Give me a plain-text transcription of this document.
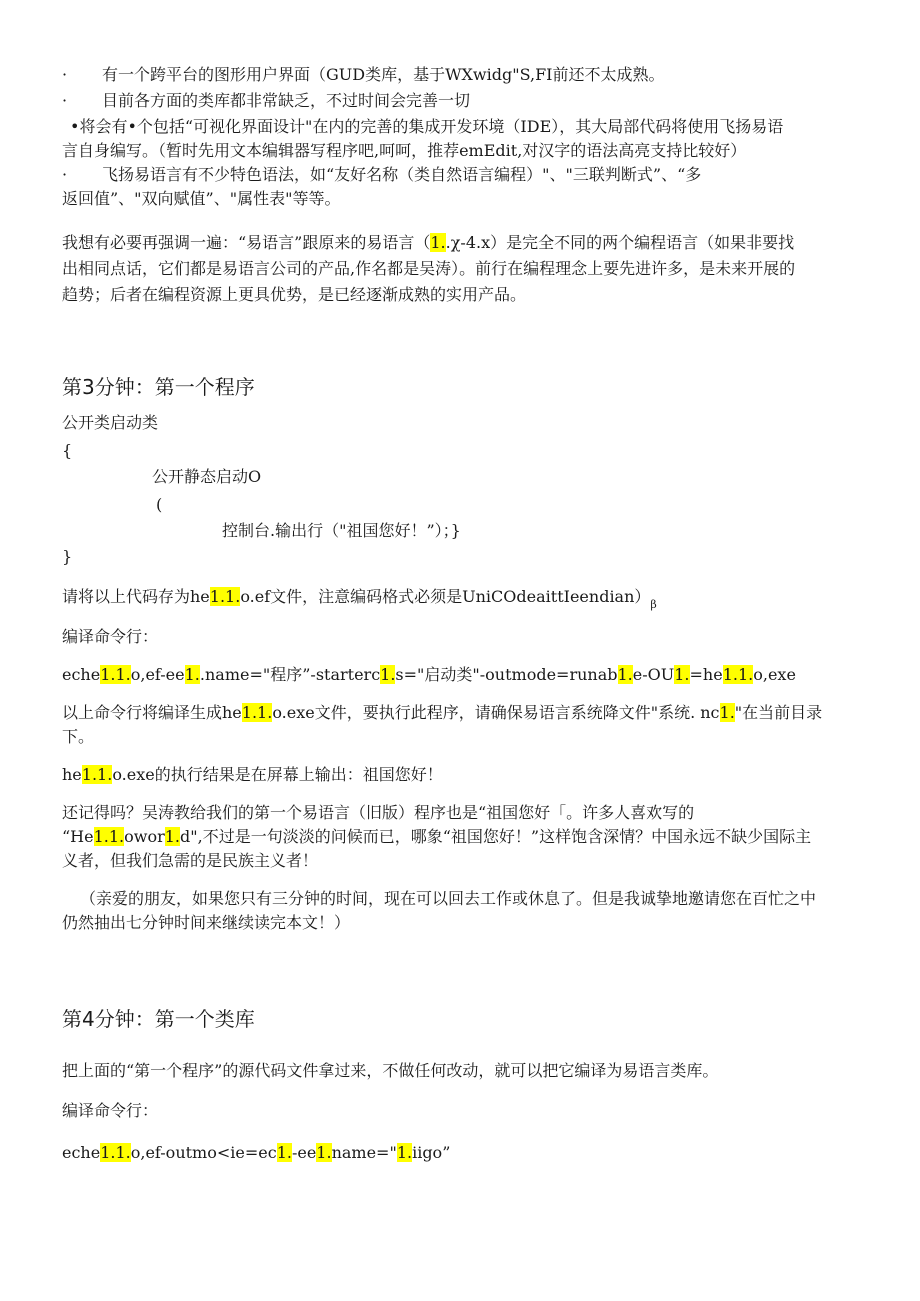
· 有一个跨平台的图形用户界面（GUD类库，基于WXwidg"S,FI前还不太成熟。
· 目前各方面的类库都非常缺乏，不过时间会完善一切
•将会有•个包括“可视化界面设计"在内的完善的集成开发环境（IDE），其大局部代码将使用飞扬易语
言自身编写。（暂时先用文本编辑器写程序吧,呵呵，推荐emEdit,对汉字的语法高亮支持比较好）
· 飞扬易语言有不少特色语法，如“友好名称（类自然语言编程）"、"三联判断式”、“多
返回值”、"双向赋值”、"属性表"等等。
我想有必要再强调一遍：“易语言”跟原来的易语言（1..χ-4.x）是完全不同的两个编程语言（如果非要找
出相同点话，它们都是易语言公司的产品,作名都是吴涛）。前行在编程理念上要先进许多，是未来开展的
趋势；后者在编程资源上更具优势，是已经逐渐成熟的实用产品。
第3分钟：第一个程序
公开类启动类
{
公开静态启动O
(
控制台.输出行（"祖国您好！”）；}
}
请将以上代码存为he1.1.o.ef文件，注意编码格式必须是$UniCOdeaittIeendian)_\beta$
编译命令行：
eche1.1.o,ef-ee1..name="程序”-starterc1.s="启动类"-outmode=runab1.e-OU1.=he1.1.o,exe
以上命令行将编译生成he1.1.o.exe文件，要执行此程序，请确保易语言系统降文件"系统. nc1."在当前目录
下。
he1.1.o.exe的执行结果是在屏幕上输出：祖国您好！
还记得吗？吴涛教给我们的第一个易语言（旧版）程序也是“祖国您好「。许多人喜欢写的
“He1.1.owor1.d",不过是一句淡淡的问候而已，哪象“祖国您好！”这样饱含深情？中国永远不缺少国际主
义者，但我们急需的是民族主义者！
（亲爱的朋友，如果您只有三分钟的时间，现在可以回去工作或休息了。但是我诚挚地邀请您在百忙之中
仍然抽出七分钟时间来继续读完本文！）
第4分钟：第一个类库
把上面的“第一个程序”的源代码文件拿过来，不做任何改动，就可以把它编译为易语言类库。
编译命令行：
eche1.1.o,ef-outmo<ie=ec1.-ee1.name="1.iigo”
